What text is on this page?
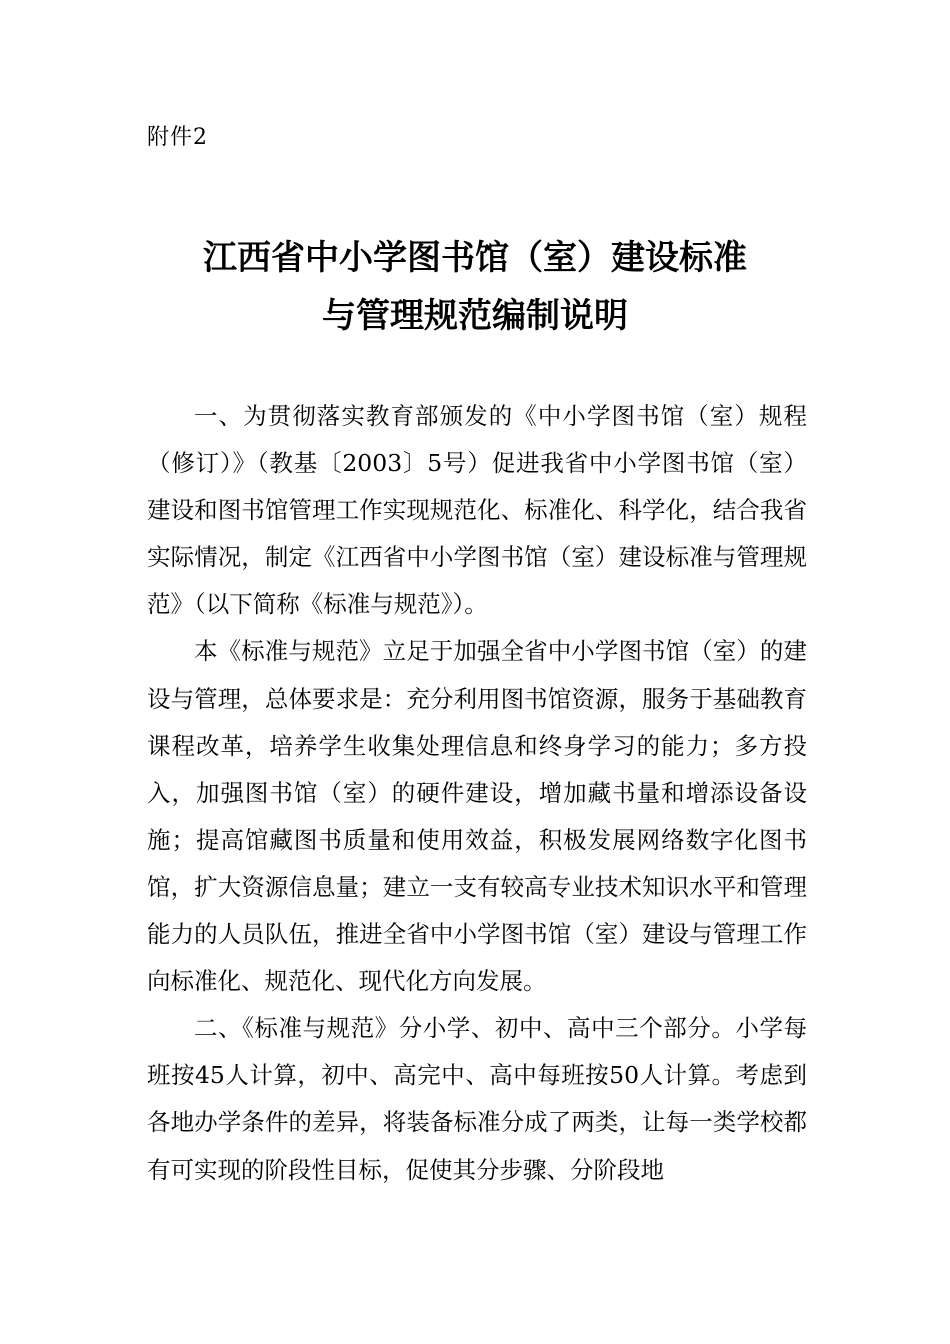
附件2
江西省中小学图书馆（室）建设标准
与管理规范编制说明

一、为贯彻落实教育部颁发的《中小学图书馆（室）规程（修订）》（教基〔2003〕5号）促进我省中小学图书馆（室）建设和图书馆管理工作实现规范化、标准化、科学化，结合我省实际情况，制定《江西省中小学图书馆（室）建设标准与管理规范》（以下简称《标准与规范》）。

本《标准与规范》立足于加强全省中小学图书馆（室）的建设与管理，总体要求是：充分利用图书馆资源，服务于基础教育课程改革，培养学生收集处理信息和终身学习的能力；多方投入，加强图书馆（室）的硬件建设，增加藏书量和增添设备设施；提高馆藏图书质量和使用效益，积极发展网络数字化图书馆，扩大资源信息量；建立一支有较高专业技术知识水平和管理能力的人员队伍，推进全省中小学图书馆（室）建设与管理工作向标准化、规范化、现代化方向发展。

二、《标准与规范》分小学、初中、高中三个部分。小学每班按45人计算，初中、高完中、高中每班按50人计算。考虑到各地办学条件的差异，将装备标准分成了两类，让每一类学校都有可实现的阶段性目标，促使其分步骤、分阶段地
